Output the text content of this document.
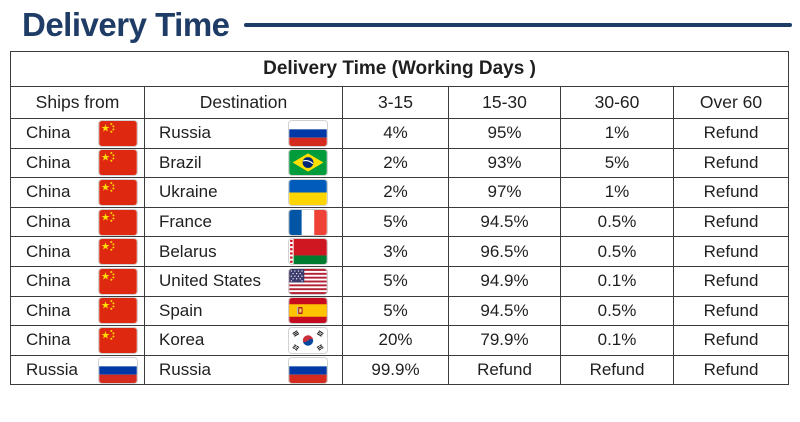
Delivery Time
Delivery Time (Working Days )					
Ships from	Destination	3-15	15-30	30-60	Over 60

China	Russia	4%	95%	1%	Refund

China	Brazil	2%	93%	5%	Refund

China	Ukraine	2%	97%	1%	Refund

China	France	5%	94.5%	0.5%	Refund

China	Belarus	3%	96.5%	0.5%	Refund

China	United States	5%	94.9%	0.1%	Refund

China	Spain	5%	94.5%	0.5%	Refund

China	Korea	20%	79.9%	0.1%	Refund

Russia	Russia	99.9%	Refund	Refund	Refund
